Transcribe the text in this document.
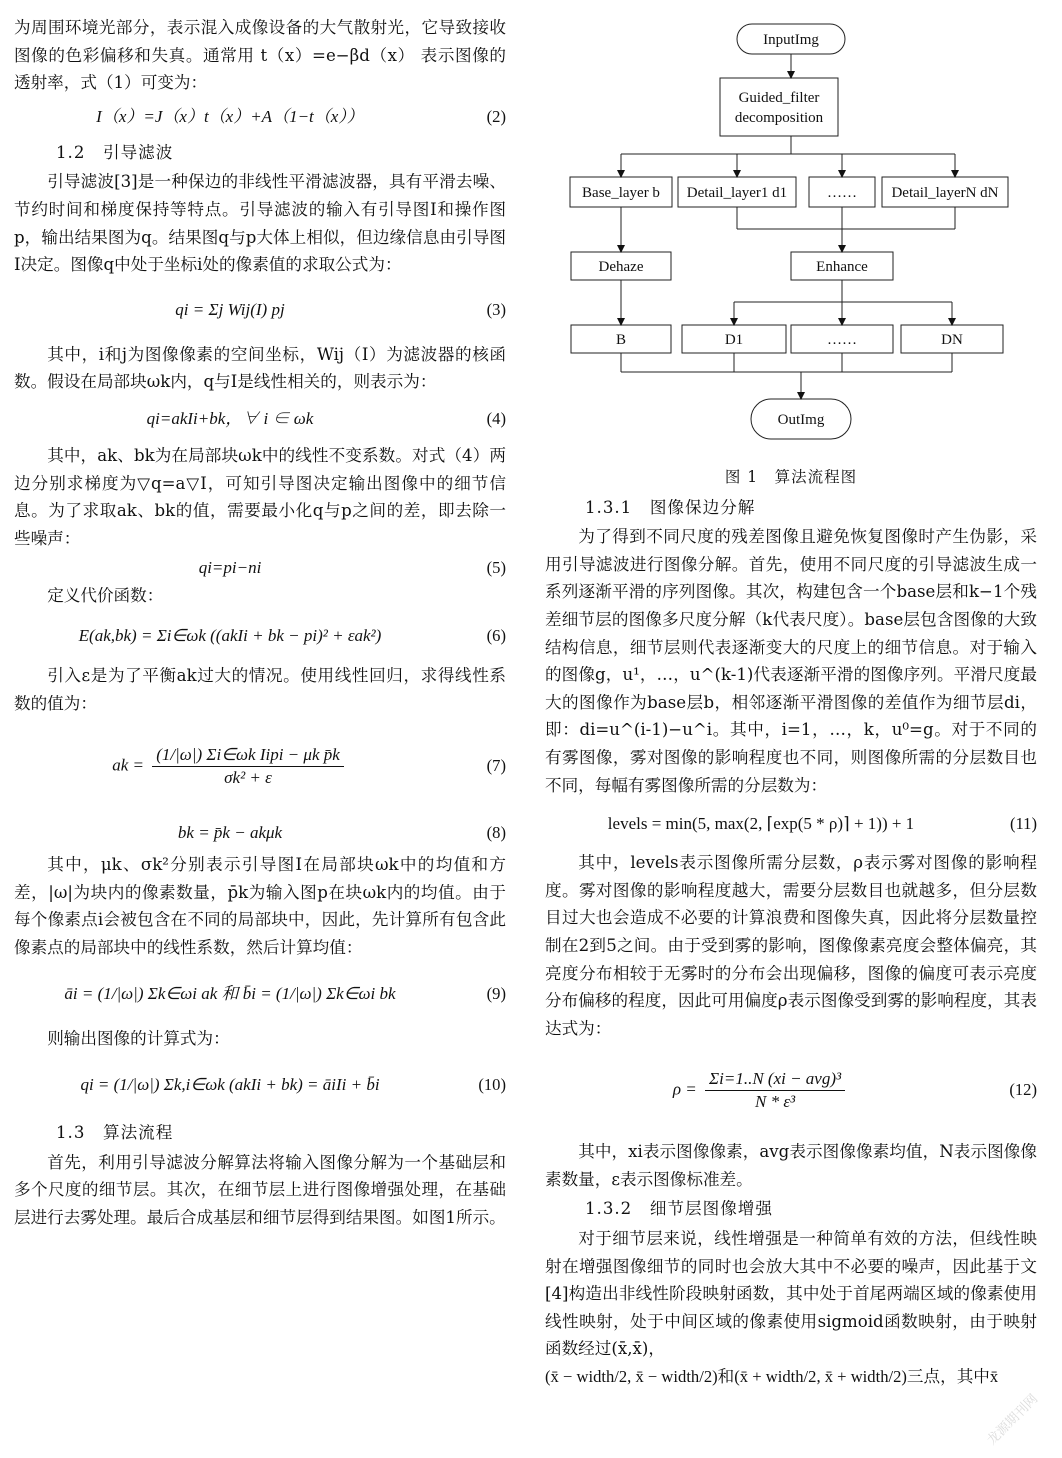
为周围环境光部分，表示混入成像设备的大气散射光，它导致接收图像的色彩偏移和失真。通常用 t（x）=e−βd（x） 表示图像的透射率，式（1）可变为：

I（x）=J（x）t（x）+A（1−t（x））	(2)
1.2　引导滤波

引导滤波[3]是一种保边的非线性平滑滤波器，具有平滑去噪、节约时间和梯度保持等特点。引导滤波的输入有引导图I和操作图p，输出结果图为q。结果图q与p大体上相似，但边缘信息由引导图I决定。图像q中处于坐标i处的像素值的求取公式为：

qi = Σj Wij(I) pj	(3)

其中，i和j为图像像素的空间坐标，Wij（I）为滤波器的核函数。假设在局部块ωk内，q与I是线性相关的，则表示为：

qi=akIi+bk，∀ i ∈ ωk	(4)

其中，ak、bk为在局部块ωk中的线性不变系数。对式（4）两边分别求梯度为▽q=a▽I，可知引导图决定输出图像中的细节信息。为了求取ak、bk的值，需要最小化q与p之间的差，即去除一些噪声：

qi=pi−ni	(5)

定义代价函数：

E(ak,bk) = Σi∈ωk ((akIi + bk − pi)² + εak²)	(6)

引入ε是为了平衡ak过大的情况。使用线性回归，求得线性系数的值为：

ak = $\frac{\text{(1/|ω|) Σi∈ωk Iipi − μk p̄k}}{\text{σk² + ε}}$	(7)
bk = p̄k − akμk	(8)

其中，μk、σk²分别表示引导图I在局部块ωk中的均值和方差，|ω|为块内的像素数量，p̄k为输入图p在块ωk内的均值。由于每个像素点i会被包含在不同的局部块中，因此，先计算所有包含此像素点的局部块中的线性系数，然后计算均值：

āi = (1/|ω|) Σk∈ωi ak 和 b̄i = (1/|ω|) Σk∈ωi bk	(9)

则输出图像的计算式为：

qi = (1/|ω|) Σk,i∈ωk (akIi + bk) = āiIi + b̄i	(10)
1.3　算法流程

首先，利用引导滤波分解算法将输入图像分解为一个基础层和多个尺度的细节层。其次，在细节层上进行图像增强处理，在基础层进行去雾处理。最后合成基层和细节层得到结果图。如图1所示。

InputImg
Guided_filter
decomposition
Base_layer b Detail_layer1 d1	…… Detail_layerN dN
Dehaze	Enhance
B	D1	……	DN
OutImg
图 1　算法流程图
1.3.1　图像保边分解

为了得到不同尺度的残差图像且避免恢复图像时产生伪影，采用引导滤波进行图像分解。首先，使用不同尺度的引导滤波生成一系列逐渐平滑的序列图像。其次，构建包含一个base层和k−1个残差细节层的图像多尺度分解（k代表尺度）。base层包含图像的大致结构信息，细节层则代表逐渐变大的尺度上的细节信息。对于输入的图像g，u¹，…，u^(k-1)代表逐渐平滑的图像序列。平滑尺度最大的图像作为base层b，相邻逐渐平滑图像的差值作为细节层di，即：di=u^(i-1)−u^i。其中，i=1，…，k，u⁰=g。对于不同的有雾图像，雾对图像的影响程度也不同，则图像所需的分层数目也不同，每幅有雾图像所需的分层数为：

levels = min(5, max(2, ⌈exp(5 * ρ)⌉ + 1)) + 1	(11)

其中，levels表示图像所需分层数，ρ表示雾对图像的影响程度。雾对图像的影响程度越大，需要分层数目也就越多，但分层数目过大也会造成不必要的计算浪费和图像失真，因此将分层数量控制在2到5之间。由于受到雾的影响，图像像素亮度会整体偏亮，其亮度分布相较于无雾时的分布会出现偏移，图像的偏度可表示亮度分布偏移的程度，因此可用偏度ρ表示图像受到雾的影响程度，其表达式为：

$\rho = \frac{\text{Σi=1..N (xi − avg)³}}{\text{N * ε³}}$	(12)

其中，xi表示图像像素，avg表示图像像素均值，N表示图像像素数量，ε表示图像标准差。

1.3.2　细节层图像增强

对于细节层来说，线性增强是一种简单有效的方法，但线性映射在增强图像细节的同时也会放大其中不必要的噪声，因此基于文[4]构造出非线性阶段映射函数，其中处于首尾两端区域的像素使用线性映射，处于中间区域的像素使用sigmoid函数映射，由于映射函数经过(x̄,x̄)，

(x̄ − width/2, x̄ − width/2)和(x̄ + width/2, x̄ + width/2)三点，其中x̄

龙源期刊网
